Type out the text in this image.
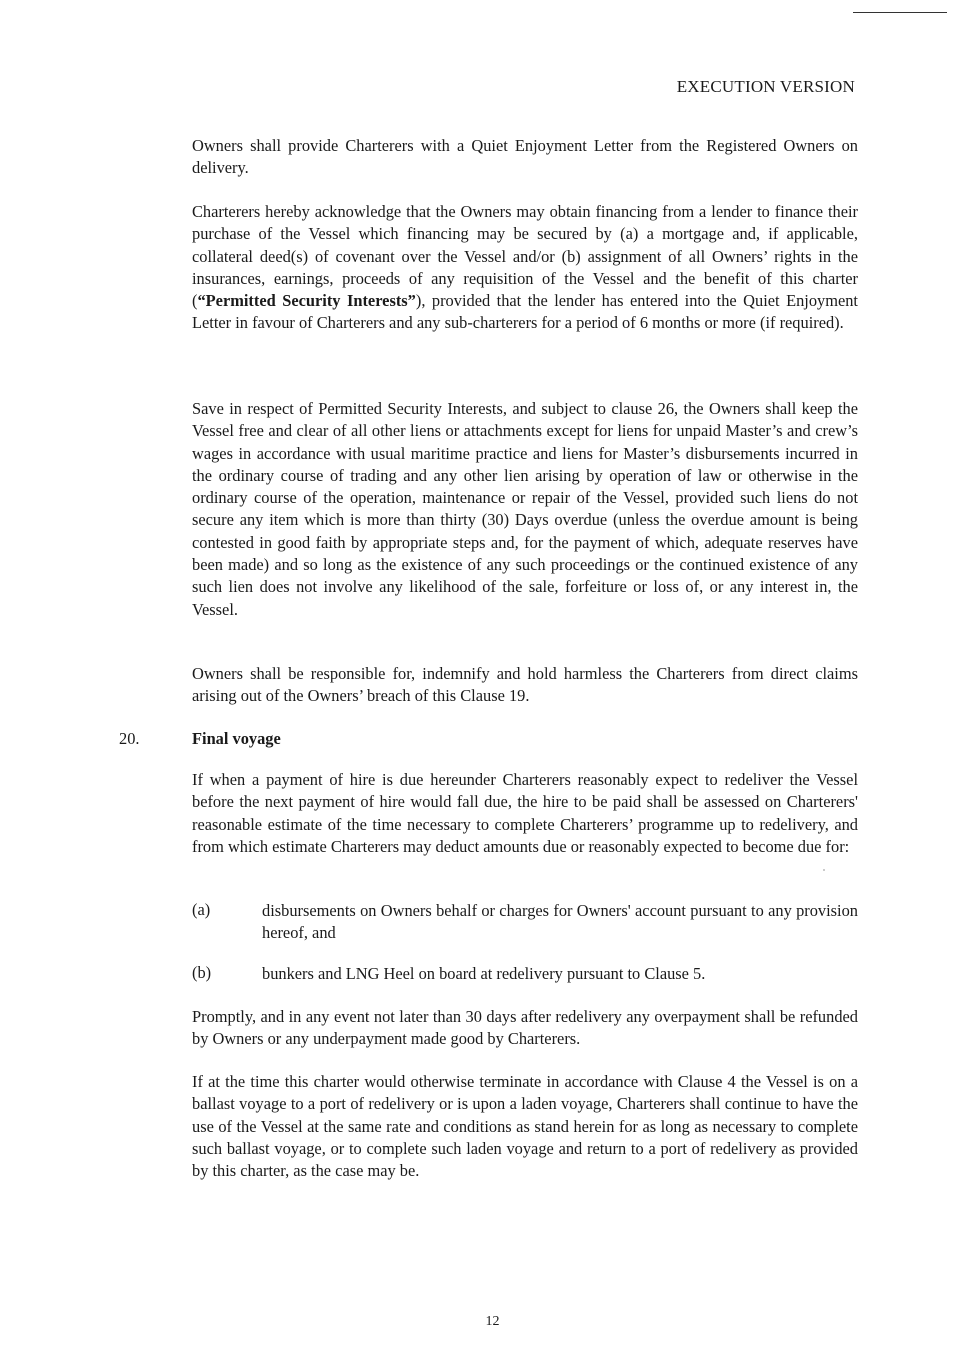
EXECUTION VERSION

Owners shall provide Charterers with a Quiet Enjoyment Letter from the Registered Owners on delivery.

Charterers hereby acknowledge that the Owners may obtain financing from a lender to finance their purchase of the Vessel which financing may be secured by (a) a mortgage and, if applicable, collateral deed(s) of covenant over the Vessel and/or (b) assignment of all Owners’ rights in the insurances, earnings, proceeds of any requisition of the Vessel and the benefit of this charter (“Permitted Security Interests”), provided that the lender has entered into the Quiet Enjoyment Letter in favour of Charterers and any sub-charterers for a period of 6 months or more (if required).

Save in respect of Permitted Security Interests, and subject to clause 26, the Owners shall keep the Vessel free and clear of all other liens or attachments except for liens for unpaid Master’s and crew’s wages in accordance with usual maritime practice and liens for Master’s disbursements incurred in the ordinary course of trading and any other lien arising by operation of law or otherwise in the ordinary course of the operation, maintenance or repair of the Vessel, provided such liens do not secure any item which is more than thirty (30) Days overdue (unless the overdue amount is being contested in good faith by appropriate steps and, for the payment of which, adequate reserves have been made) and so long as the existence of any such proceedings or the continued existence of any such lien does not involve any likelihood of the sale, forfeiture or loss of, or any interest in, the Vessel.

Owners shall be responsible for, indemnify and hold harmless the Charterers from direct claims arising out of the Owners’ breach of this Clause 19.

20.	Final voyage

If when a payment of hire is due hereunder Charterers reasonably expect to redeliver the Vessel before the next payment of hire would fall due, the hire to be paid shall be assessed on Charterers' reasonable estimate of the time necessary to complete Charterers’ programme up to redelivery, and from which estimate Charterers may deduct amounts due or reasonably expected to become due for:

(a)	disbursements on Owners behalf or charges for Owners' account pursuant to any provision hereof, and
(b)	bunkers and LNG Heel on board at redelivery pursuant to Clause 5.

Promptly, and in any event not later than 30 days after redelivery any overpayment shall be refunded by Owners or any underpayment made good by Charterers.

If at the time this charter would otherwise terminate in accordance with Clause 4 the Vessel is on a ballast voyage to a port of redelivery or is upon a laden voyage, Charterers shall continue to have the use of the Vessel at the same rate and conditions as stand herein for as long as necessary to complete such ballast voyage, or to complete such laden voyage and return to a port of redelivery as provided by this charter, as the case may be.

12
